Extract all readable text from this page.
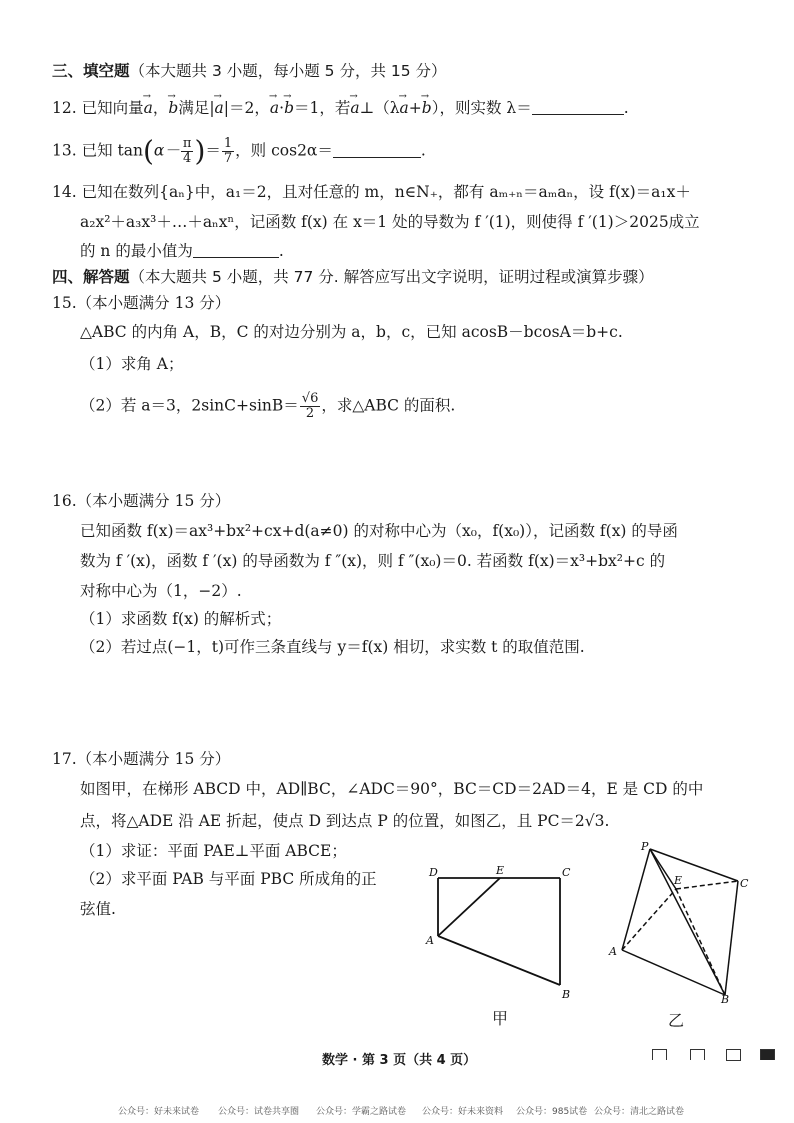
三、填空题（本大题共 3 小题，每小题 5 分，共 15 分）
12. 已知向量→ a，→ b满足|→ a|＝2，→ a·→ b＝1，若→ a⊥（λ→ a+→ b），则实数 λ＝	.
13. 已知 $\tan(\alpha- \frac{\pi}{4}$ )＝ $\frac{1}{7}$ ，则 cos2α＝	.
14. 已知在数列{aₙ}中，a₁＝2，且对任意的 m，n∈N₊，都有 aₘ₊ₙ＝aₘaₙ，设 f(x)＝a₁x＋
a₂x²＋a₃x³＋…＋aₙxⁿ，记函数 f(x) 在 x＝1 处的导数为 f ′(1)，则使得 f ′(1)＞2025成立
的 n 的最小值为	.
四、解答题（本大题共 5 小题，共 77 分. 解答应写出文字说明，证明过程或演算步骤）
15.（本小题满分 13 分）
△ABC 的内角 A，B，C 的对边分别为 a，b，c，已知 acosB－bcosA＝b+c.
（1）求角 A；
（2）若 a＝3，$2\sin C+\sin B= \frac{√6}{2}$ ，求△ABC 的面积.
16.（本小题满分 15 分）
已知函数 f(x)＝ax³+bx²+cx+d(a≠0) 的对称中心为（x₀，f(x₀)），记函数 f(x) 的导函
数为 f ′(x)，函数 f ′(x) 的导函数为 f ″(x)，则 f ″(x₀)＝0. 若函数 f(x)＝x³+bx²+c 的
对称中心为（1，−2）.
（1）求函数 f(x) 的解析式；
（2）若过点(−1，t)可作三条直线与 y＝f(x) 相切，求实数 t 的取值范围.
17.（本小题满分 15 分）
如图甲，在梯形 ABCD 中，AD∥BC，∠ADC＝90°，BC＝CD＝2AD＝4，E 是 CD 的中
点，将△ADE 沿 AE 折起，使点 D 到达点 P 的位置，如图乙，且 PC＝2√3.
（1）求证：平面 PAE⊥平面 ABCE；
（2）求平面 PAB 与平面 PBC 所成角的正
弦值.
D	E	C
A
B
甲
P
E	C
A
B
乙
数学 · 第 3 页（共 4 页）
公众号：好未来试卷 公众号：试卷共享圈 公众号：学霸之路试卷 公众号：好未来资料 公众号：985试卷 公众号：清北之路试卷
